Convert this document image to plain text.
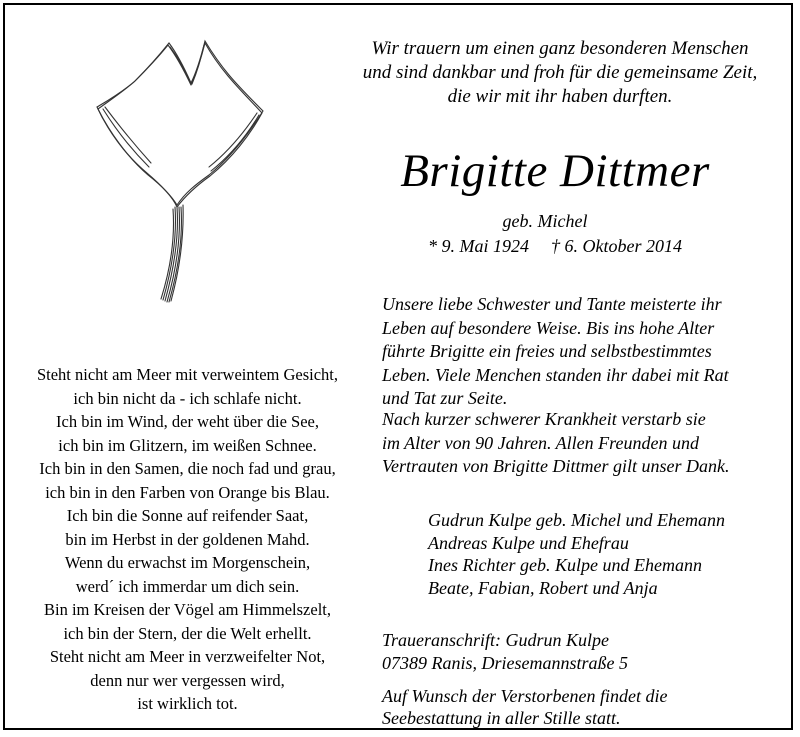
Wir trauern um einen ganz besonderen Menschen
und sind dankbar und froh für die gemeinsame Zeit,
die wir mit ihr haben durften.
Brigitte Dittmer
geb. Michel
* 9. Mai 1924 † 6. Oktober 2014
Unsere liebe Schwester und Tante meisterte ihr
Leben auf besondere Weise. Bis ins hohe Alter
führte Brigitte ein freies und selbstbestimmtes
Leben. Viele Menchen standen ihr dabei mit Rat
und Tat zur Seite.
Nach kurzer schwerer Krankheit verstarb sie
im Alter von 90 Jahren. Allen Freunden und
Vertrauten von Brigitte Dittmer gilt unser Dank.
Gudrun Kulpe geb. Michel und Ehemann
Andreas Kulpe und Ehefrau
Ines Richter geb. Kulpe und Ehemann
Beate, Fabian, Robert und Anja
Traueranschrift: Gudrun Kulpe
07389 Ranis, Driesemannstraße 5
Auf Wunsch der Verstorbenen findet die
Seebestattung in aller Stille statt.
Steht nicht am Meer mit verweintem Gesicht,
ich bin nicht da - ich schlafe nicht.
Ich bin im Wind, der weht über die See,
ich bin im Glitzern, im weißen Schnee.
Ich bin in den Samen, die noch fad und grau,
ich bin in den Farben von Orange bis Blau.
Ich bin die Sonne auf reifender Saat,
bin im Herbst in der goldenen Mahd.
Wenn du erwachst im Morgenschein,
werd´ ich immerdar um dich sein.
Bin im Kreisen der Vögel am Himmelszelt,
ich bin der Stern, der die Welt erhellt.
Steht nicht am Meer in verzweifelter Not,
denn nur wer vergessen wird,
ist wirklich tot.
